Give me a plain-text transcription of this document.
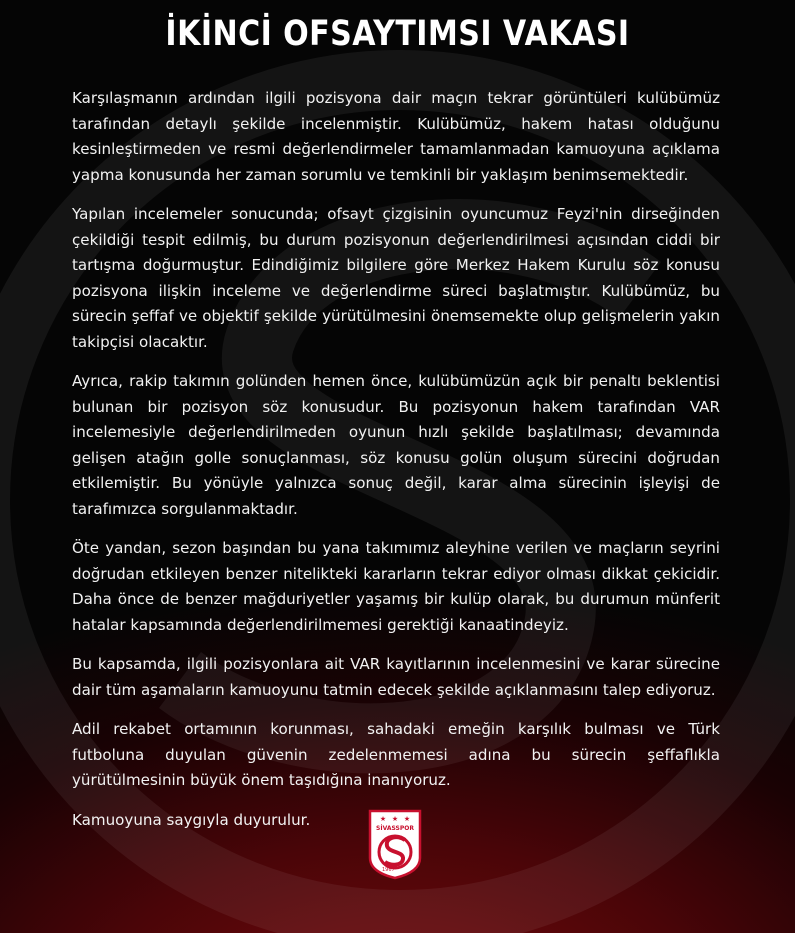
İKİNCİ OFSAYTIMSI VAKASI

Karşılaşmanın ardından ilgili pozisyona dair maçın tekrar görüntüleri kulübümüz tarafından detaylı şekilde incelenmiştir. Kulübümüz, hakem hatası olduğunu kesinleştirmeden ve resmi değerlendirmeler tamamlanmadan kamuoyuna açıklama yapma konusunda her zaman sorumlu ve temkinli bir yaklaşım benimsemektedir.

Yapılan incelemeler sonucunda; ofsayt çizgisinin oyuncumuz Feyzi'nin dirseğinden çekildiği tespit edilmiş, bu durum pozisyonun değerlendirilmesi açısından ciddi bir tartışma doğurmuştur. Edindiğimiz bilgilere göre Merkez Hakem Kurulu söz konusu pozisyona ilişkin inceleme ve değerlendirme süreci başlatmıştır. Kulübümüz, bu sürecin şeffaf ve objektif şekilde yürütülmesini önemsemekte olup gelişmelerin yakın takipçisi olacaktır.

Ayrıca, rakip takımın golünden hemen önce, kulübümüzün açık bir penaltı beklentisi bulunan bir pozisyon söz konusudur. Bu pozisyonun hakem tarafından VAR incelemesiyle değerlendirilmeden oyunun hızlı şekilde başlatılması; devamında gelişen atağın golle sonuçlanması, söz konusu golün oluşum sürecini doğrudan etkilemiştir. Bu yönüyle yalnızca sonuç değil, karar alma sürecinin işleyişi de tarafımızca sorgulanmaktadır.

Öte yandan, sezon başından bu yana takımımız aleyhine verilen ve maçların seyrini doğrudan etkileyen benzer nitelikteki kararların tekrar ediyor olması dikkat çekicidir. Daha önce de benzer mağduriyetler yaşamış bir kulüp olarak, bu durumun münferit hatalar kapsamında değerlendirilmemesi gerektiği kanaatindeyiz.

Bu kapsamda, ilgili pozisyonlara ait VAR kayıtlarının incelenmesini ve karar sürecine dair tüm aşamaların kamuoyunu tatmin edecek şekilde açıklanmasını talep ediyoruz.

Adil rekabet ortamının korunması, sahadaki emeğin karşılık bulması ve Türk futboluna duyulan güvenin zedelenmemesi adına bu sürecin şeffaflıkla yürütülmesinin büyük önem taşıdığına inanıyoruz.

Kamuoyuna saygıyla duyurulur.	★ ★ ★
SİVASSPOR
1967
